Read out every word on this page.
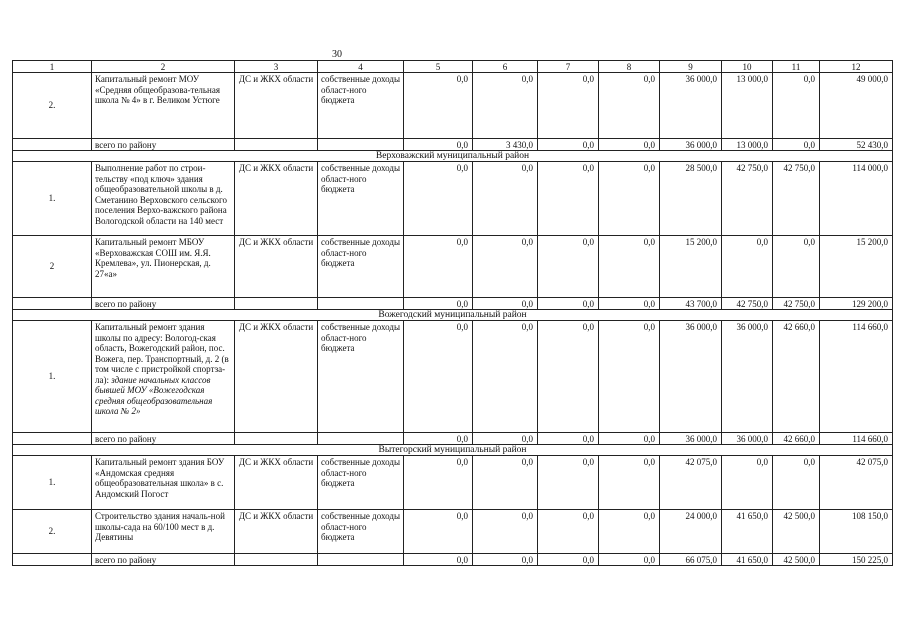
30
1	2	3	4	5	6	7	8	9	10	11	12
2.	Капитальный ремонт МОУ «Средняя общеобразова-тельная школа № 4» в г. Великом Устюге	ДС и ЖКХ области	собственные доходы област-ного бюджета	0,0	0,0	0,0	0,0	36 000,0	13 000,0	0,0	49 000,0
	всего по району			0,0	3 430,0	0,0	0,0	36 000,0	13 000,0	0,0	52 430,0
Верховажский муниципальный район											
1.	Выполнение работ по строи-тельству «под ключ» здания общеобразовательной школы в д. Сметанино Верховского сельского поселения Верхо-важского района Вологодской области на 140 мест	ДС и ЖКХ области	собственные доходы област-ного бюджета	0,0	0,0	0,0	0,0	28 500,0	42 750,0	42 750,0	114 000,0
2	Капитальный ремонт МБОУ «Верховажская СОШ им. Я.Я. Кремлева», ул. Пионерская, д. 27«а»	ДС и ЖКХ области	собственные доходы област-ного бюджета	0,0	0,0	0,0	0,0	15 200,0	0,0	0,0	15 200,0
	всего по району			0,0	0,0	0,0	0,0	43 700,0	42 750,0	42 750,0	129 200,0
Вожегодский муниципальный район											
1.	Капитальный ремонт здания школы по адресу: Вологод-ская область, Вожегодский район, пос. Вожега, пер. Транспортный, д. 2 (в том числе с пристройкой спортза-ла): здание начальных классов бывшей МОУ «Вожегодская средняя общеобразовательная школа № 2»	ДС и ЖКХ области	собственные доходы област-ного бюджета	0,0	0,0	0,0	0,0	36 000,0	36 000,0	42 660,0	114 660,0
	всего по району			0,0	0,0	0,0	0,0	36 000,0	36 000,0	42 660,0	114 660,0
Вытегорский муниципальный район											
1.	Капитальный ремонт здания БОУ «Андомская средняя общеобразовательная школа» в с. Андомский Погост	ДС и ЖКХ области	собственные доходы област-ного бюджета	0,0	0,0	0,0	0,0	42 075,0	0,0	0,0	42 075,0
2.	Строительство здания началь-ной школы-сада на 60/100 мест в д. Девятины	ДС и ЖКХ области	собственные доходы област-ного бюджета	0,0	0,0	0,0	0,0	24 000,0	41 650,0	42 500,0	108 150,0
	всего по району			0,0	0,0	0,0	0,0	66 075,0	41 650,0	42 500,0	150 225,0
